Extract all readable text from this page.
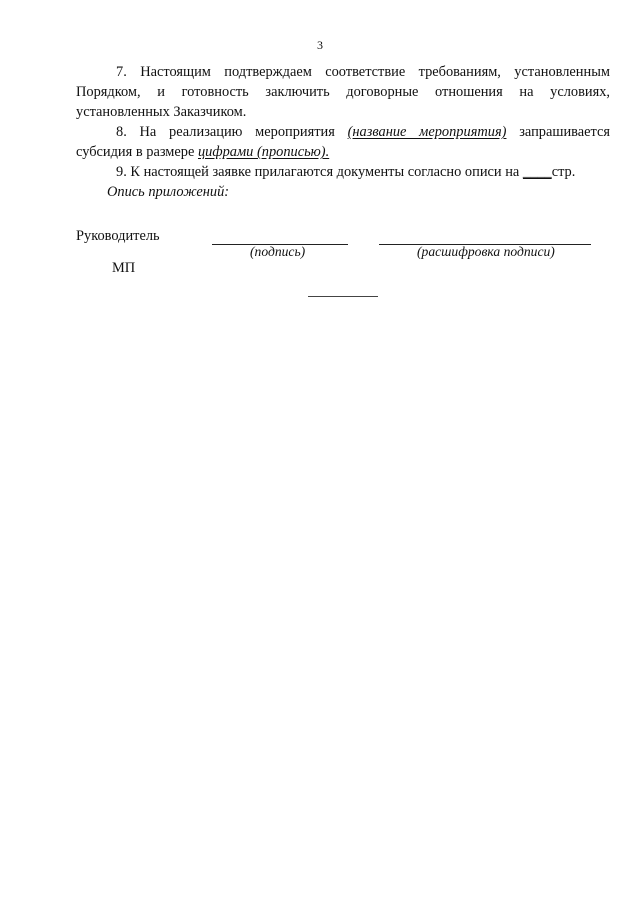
3

7. Настоящим подтверждаем соответствие требованиям, установленным Порядком, и готовность заключить договорные отношения на условиях, установленных Заказчиком.

8. На реализацию мероприятия (название мероприятия) запрашивается субсидия в размере цифрами (прописью).

9. К настоящей заявке прилагаются документы согласно описи на ____стр.

Опись приложений:

Руководитель
(подпись)	(расшифровка подписи)
МП
